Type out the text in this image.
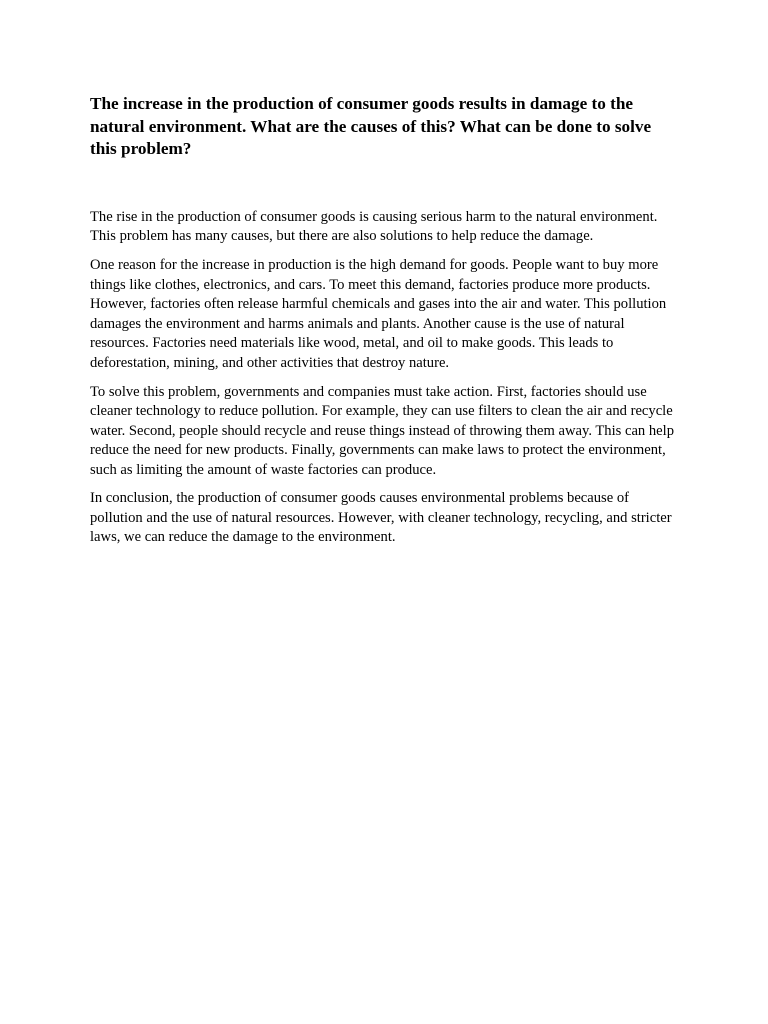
The increase in the production of consumer goods results in damage to the natural environment. What are the causes of this? What can be done to solve this problem?

The rise in the production of consumer goods is causing serious harm to the natural environment. This problem has many causes, but there are also solutions to help reduce the damage.

One reason for the increase in production is the high demand for goods. People want to buy more things like clothes, electronics, and cars. To meet this demand, factories produce more products. However, factories often release harmful chemicals and gases into the air and water. This pollution damages the environment and harms animals and plants. Another cause is the use of natural resources. Factories need materials like wood, metal, and oil to make goods. This leads to deforestation, mining, and other activities that destroy nature.

To solve this problem, governments and companies must take action. First, factories should use cleaner technology to reduce pollution. For example, they can use filters to clean the air and recycle water. Second, people should recycle and reuse things instead of throwing them away. This can help reduce the need for new products. Finally, governments can make laws to protect the environment, such as limiting the amount of waste factories can produce.

In conclusion, the production of consumer goods causes environmental problems because of pollution and the use of natural resources. However, with cleaner technology, recycling, and stricter laws, we can reduce the damage to the environment.
